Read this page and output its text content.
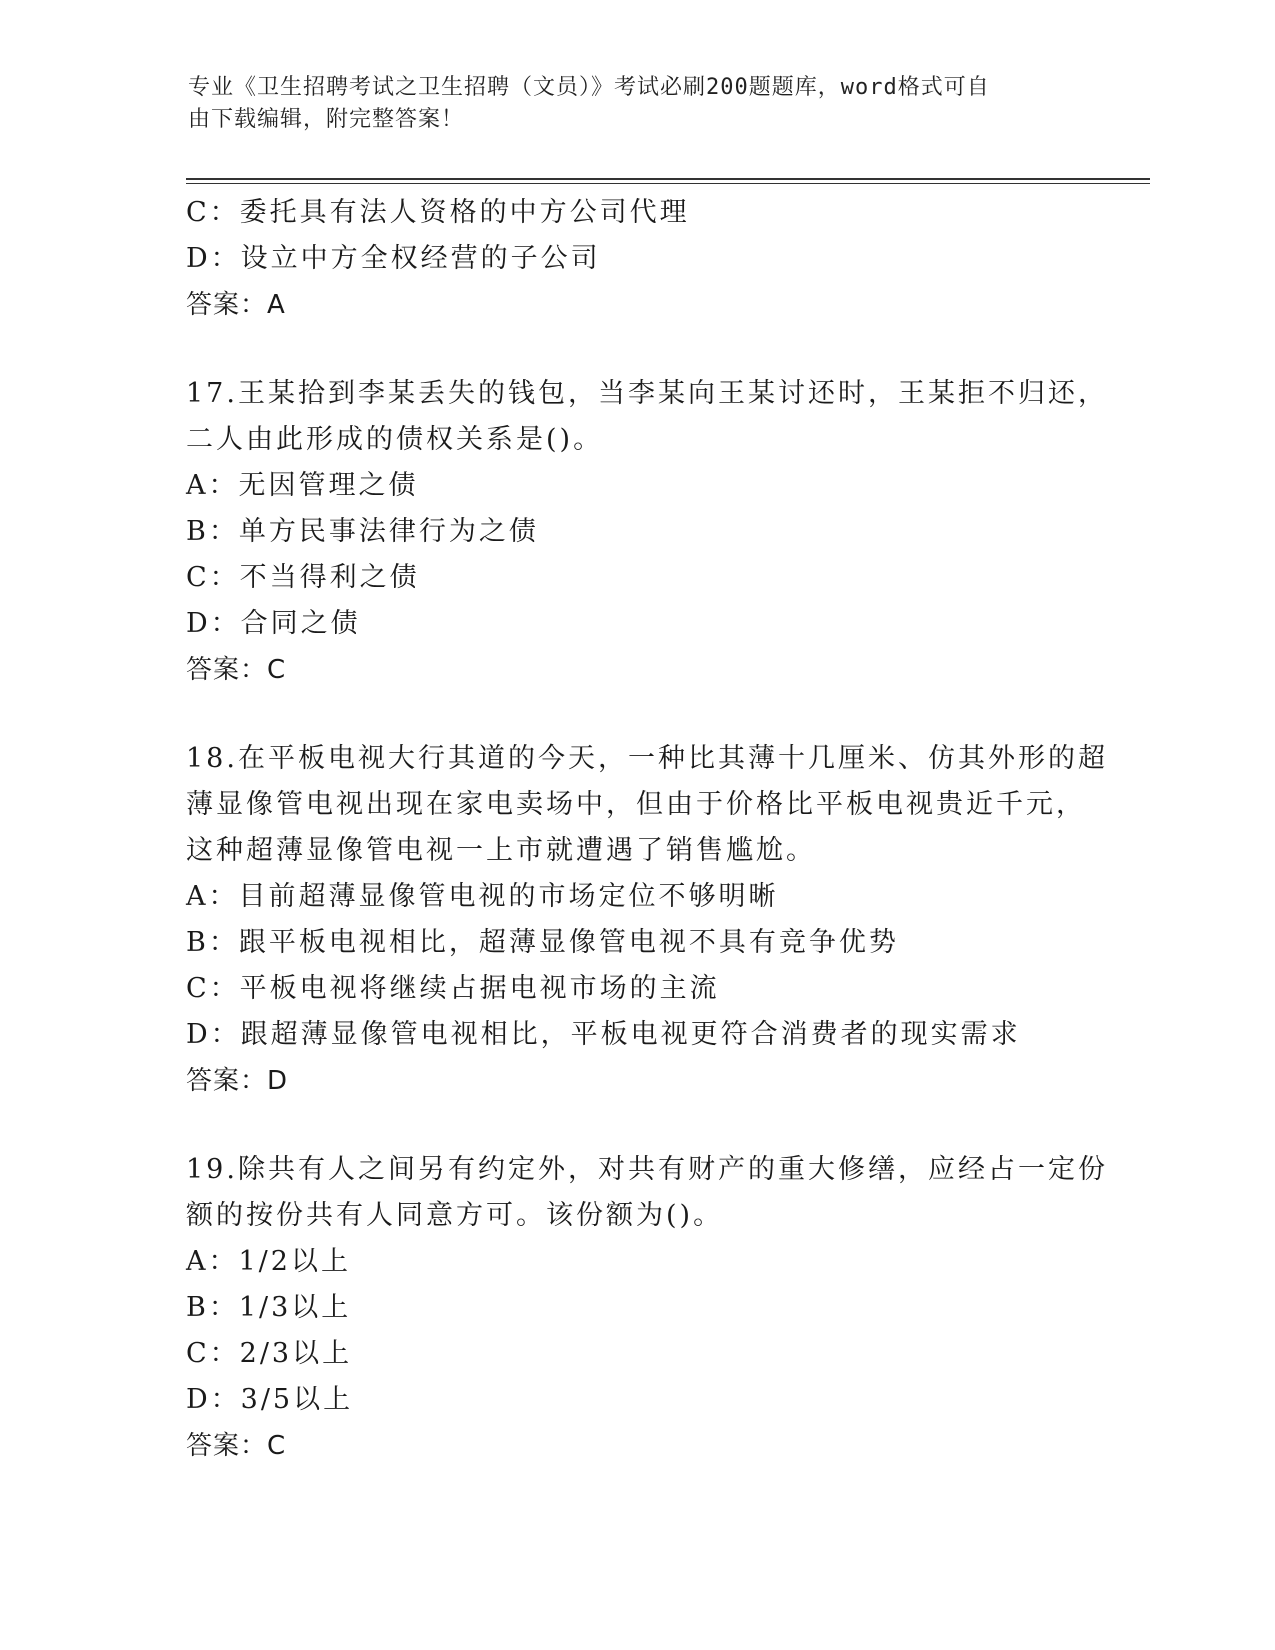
专业《卫生招聘考试之卫生招聘（文员）》考试必刷200题题库，word格式可自
由下载编辑，附完整答案！
C：委托具有法人资格的中方公司代理
D：设立中方全权经营的子公司
答案：A
17.王某拾到李某丢失的钱包，当李某向王某讨还时，王某拒不归还，
二人由此形成的债权关系是()。
A：无因管理之债
B：单方民事法律行为之债
C：不当得利之债
D：合同之债
答案：C
18.在平板电视大行其道的今天，一种比其薄十几厘米、仿其外形的超
薄显像管电视出现在家电卖场中，但由于价格比平板电视贵近千元，
这种超薄显像管电视一上市就遭遇了销售尴尬。
A：目前超薄显像管电视的市场定位不够明晰
B：跟平板电视相比，超薄显像管电视不具有竞争优势
C：平板电视将继续占据电视市场的主流
D：跟超薄显像管电视相比，平板电视更符合消费者的现实需求
答案：D
19.除共有人之间另有约定外，对共有财产的重大修缮，应经占一定份
额的按份共有人同意方可。该份额为()。
A：1/2以上
B：1/3以上
C：2/3以上
D：3/5以上
答案：C
